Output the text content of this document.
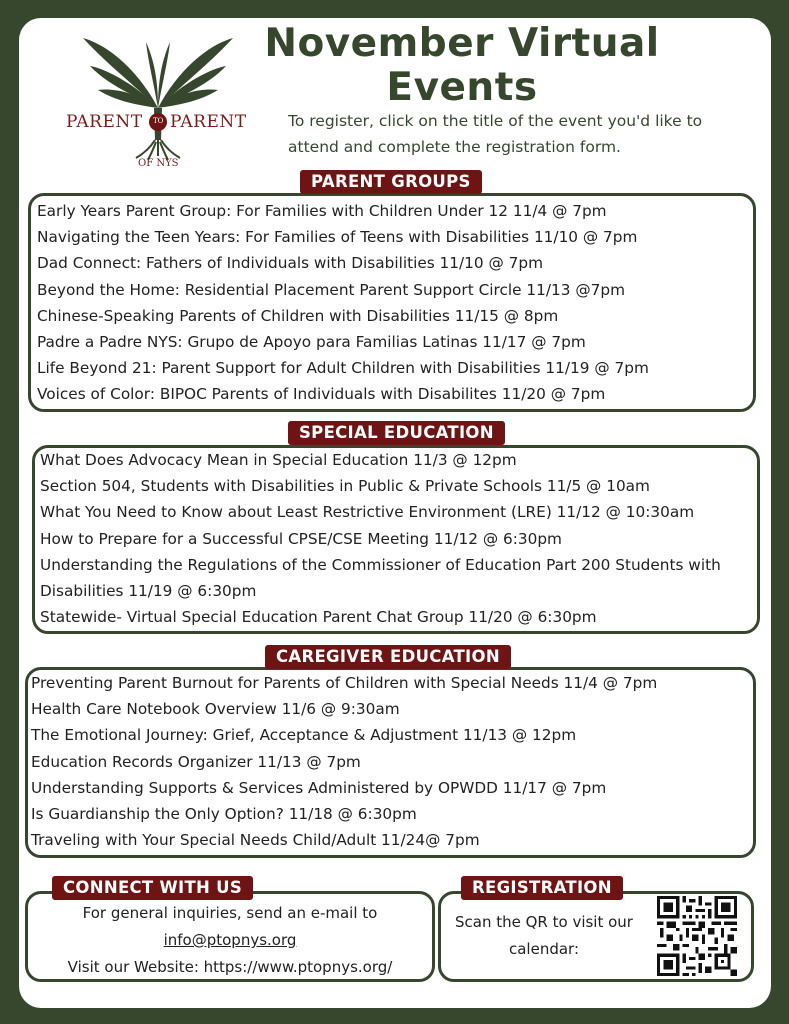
PARENT TO PARENT
OF NYS
November Virtual
Events
To register, click on the title of the event you'd like to attend and complete the registration form.
PARENT GROUPS
Early Years Parent Group: For Families with Children Under 12 11/4 @ 7pm
Navigating the Teen Years: For Families of Teens with Disabilities 11/10 @ 7pm
Dad Connect: Fathers of Individuals with Disabilities 11/10 @ 7pm
Beyond the Home: Residential Placement Parent Support Circle 11/13 @7pm
Chinese-Speaking Parents of Children with Disabilities 11/15 @ 8pm
Padre a Padre NYS: Grupo de Apoyo para Familias Latinas 11/17 @ 7pm
Life Beyond 21: Parent Support for Adult Children with Disabilities 11/19 @ 7pm
Voices of Color: BIPOC Parents of Individuals with Disabilites 11/20 @ 7pm
SPECIAL EDUCATION
What Does Advocacy Mean in Special Education 11/3 @ 12pm
Section 504, Students with Disabilities in Public & Private Schools 11/5 @ 10am
What You Need to Know about Least Restrictive Environment (LRE) 11/12 @ 10:30am
How to Prepare for a Successful CPSE/CSE Meeting 11/12 @ 6:30pm
Understanding the Regulations of the Commissioner of Education Part 200 Students with Disabilities 11/19 @ 6:30pm
Statewide- Virtual Special Education Parent Chat Group 11/20 @ 6:30pm
CAREGIVER EDUCATION
Preventing Parent Burnout for Parents of Children with Special Needs 11/4 @ 7pm
Health Care Notebook Overview 11/6 @ 9:30am
The Emotional Journey: Grief, Acceptance & Adjustment 11/13 @ 12pm
Education Records Organizer 11/13 @ 7pm
Understanding Supports & Services Administered by OPWDD 11/17 @ 7pm
Is Guardianship the Only Option? 11/18 @ 6:30pm
Traveling with Your Special Needs Child/Adult 11/24@ 7pm
CONNECT WITH US
For general inquiries, send an e-mail to
info@ptopnys.org
Visit our Website: https://www.ptopnys.org/
REGISTRATION
Scan the QR to visit our
calendar:
